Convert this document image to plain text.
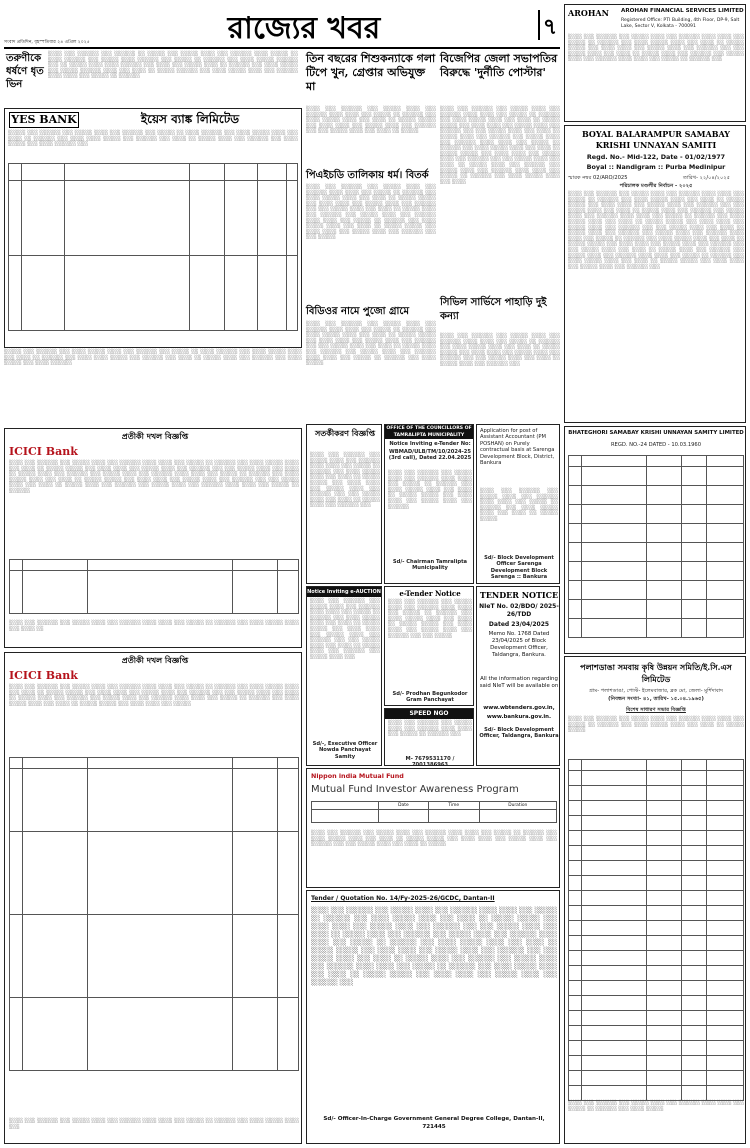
সংবাদ প্রতিদিন, বৃহস্পতিবার ২৪ এপ্রিল ২০২৫	রাজ্যের খবর	৭
তরুণীকে ধর্ষণে ধৃত ভিন
░░░░ ░░░ ░░░░░░ ░░░ ░░░░░░ ░░ ░░░░░ ░░░ ░░░░░ ░░░░ ░░░ ░░░░░░ ░░░░ ░░░░░ ░░ ░░░░ ░░░░░░ ░░░ ░░░░░ ░░░░ ░░░░░░ ░░░ ░░░░░ ░░ ░░░░░░ ░░░ ░░░░ ░░░░░ ░░░░░░ ░░░ ░░ ░░░░░ ░░░░ ░░░░ ░░░░░░ ░░░ ░░░░ ░░░ ░░░░░ ░░░░ ░░ ░░░░░░ ░░░ ░░░░ ░░░░░ ░░░ ░░░░░ ░░░░░░ ░░░░ ░░░ ░░░░ ░░ ░░░░░ ░░░░░░ ░░░ ░░░░ ░░░░░ ░░░░ ░░░ ░░░░░░ ░░░░ ░░░░ ░░░ ░░░░░ ░░ ░░░░░░
YES BANK	ইয়েস ব্যাঙ্ক লিমিটেড
░░░░░ ░░░ ░░░░░░ ░░░ ░░░░░ ░░░░ ░░░ ░░░░░░ ░░░ ░░░░░ ░░ ░░░░ ░░░░░░ ░░░ ░░░░ ░░░░░ ░░░░ ░░░ ░░░░ ░░ ░░░░░░ ░░░ ░░░░ ░░░░ ░░░░░ ░░░ ░░░░░░ ░░░ ░░░░ ░░ ░░░░░ ░░░░ ░░░ ░░░░░░ ░░░ ░░░░ ░░░░░ ░░░ ░░░░ ░░░░░░ ░░░

░░░░░ ░░░ ░░░░░░ ░░░ ░░░░ ░░░░░ ░░░░ ░░░ ░░░░░░ ░░░ ░░░░░ ░░ ░░░░ ░░░░░░ ░░░ ░░░░ ░░░░░ ░░░░ ░░░ ░░░░ ░░ ░░░░░░ ░░░ ░░░░ ░░░░ ░░░░░ ░░░ ░░░░░░ ░░░ ░░░░ ░░ ░░░░░ ░░░░ ░░░ ░░░░░░ ░░░ ░░░░ ░░░░░ ░░░ ░░░░ ░░░░░░
তিন বছরের শিশুকন্যাকে গলা টিপে খুন, গ্রেপ্তার অভিযুক্ত মা
░░░░ ░░░ ░░░░░░ ░░░ ░░░░░ ░░░░ ░░░ ░░░░░░ ░░░░ ░░░░ ░░░ ░░░░░ ░░ ░░░░░░ ░░░ ░░░░ ░░░░░ ░░░░ ░░░ ░░░░ ░░ ░░░░░ ░░░░░ ░░░ ░░░░ ░░░░ ░░░ ░░░░░ ░░░░ ░░░ ░░░░░░ ░░░ ░░░ ░░░░░ ░░░░ ░░░ ░░░░ ░░ ░░░░░
পিএইচডি তালিকায় ধর্ম। বিতর্ক
░░░░ ░░░ ░░░░░░ ░░░ ░░░░░ ░░░░ ░░░ ░░░░░░ ░░░░ ░░░░ ░░░ ░░░░░ ░░ ░░░░░░ ░░░ ░░░░ ░░░░░ ░░░░ ░░░ ░░░░ ░░ ░░░░░ ░░░░░ ░░░ ░░░░ ░░░░ ░░░ ░░░░░ ░░░░ ░░░ ░░░░░░ ░░░ ░░░ ░░░░░ ░░░░ ░░░ ░░░░ ░░ ░░░░░ ░░░░ ░░░ ░░░░░░ ░░░ ░░░░░ ░░░░ ░░░ ░░░░░░ ░░░░ ░░░░ ░░░ ░░░░░ ░░ ░░░░░░ ░░░ ░░░░ ░░░░░ ░░░░ ░░░ ░░░░ ░░ ░░░░░ ░░░░░ ░░░ ░░░░ ░░░░ ░░░ ░░░░░ ░░░░ ░░░ ░░░░░░ ░░░ ░░░ ░░░░░
বিডিওর নামে পুজো গ্রামে
░░░░ ░░░ ░░░░░░ ░░░ ░░░░░ ░░░░ ░░░ ░░░░░░ ░░░░ ░░░░ ░░░ ░░░░░ ░░ ░░░░░░ ░░░ ░░░░ ░░░░░ ░░░░ ░░░ ░░░░ ░░ ░░░░░ ░░░░░ ░░░ ░░░░ ░░░░ ░░░ ░░░░░ ░░░░ ░░░ ░░░░░░ ░░░ ░░░ ░░░░░ ░░░░ ░░░ ░░░░ ░░ ░░░░░ ░░░░ ░░░ ░░░░░░ ░░░ ░░░░░ ░░░░ ░░░ ░░░░░░ ░░░░ ░░░░ ░░░ ░░░░░ ░░ ░░░░░░ ░░░ ░░░░ ░░░░░
বিজেপির জেলা সভাপতির বিরুদ্ধে 'দুর্নীতি পোস্টার'
░░░░ ░░░ ░░░░░░ ░░░ ░░░░░ ░░░░ ░░░ ░░░░░░ ░░░░ ░░░░ ░░░ ░░░░░ ░░ ░░░░░░ ░░░ ░░░░ ░░░░░ ░░░░ ░░░ ░░░░ ░░ ░░░░░ ░░░░░ ░░░ ░░░░ ░░░░ ░░░ ░░░░░ ░░░░ ░░░ ░░░░░░ ░░░ ░░░ ░░░░░ ░░░░ ░░░ ░░░░ ░░ ░░░░░ ░░░░ ░░░ ░░░░░░ ░░░ ░░░░░ ░░░░ ░░░ ░░░░░░ ░░░░ ░░░░ ░░░ ░░░░░ ░░ ░░░░░░ ░░░ ░░░░ ░░░░░ ░░░░ ░░░ ░░░░ ░░ ░░░░░ ░░░░░ ░░░ ░░░░ ░░░░ ░░░ ░░░░░ ░░░░ ░░░ ░░░░░░ ░░░ ░░░ ░░░░░ ░░░░ ░░░ ░░░░ ░░ ░░░░░ ░░░░ ░░░ ░░░░░░ ░░░ ░░░░░ ░░░░ ░░░ ░░░░░░ ░░░░ ░░░░ ░░░ ░░░░░ ░░ ░░░░░░ ░░░ ░░░░ ░░░░░ ░░░░ ░░░ ░░░░
সিভিল সার্ভিসে পাহাড়ি দুই কন্যা
░░░░ ░░░ ░░░░░░ ░░░ ░░░░░ ░░░░ ░░░ ░░░░░░ ░░░░ ░░░░ ░░░ ░░░░░ ░░ ░░░░░░ ░░░ ░░░░ ░░░░░ ░░░░ ░░░ ░░░░ ░░ ░░░░░ ░░░░░ ░░░ ░░░░ ░░░░ ░░░ ░░░░░ ░░░░ ░░░ ░░░░░░ ░░░ ░░░ ░░░░░ ░░░░ ░░░ ░░░░ ░░ ░░░░░ ░░░░ ░░░ ░░░░░░ ░░░
AROHAN	AROHAN FINANCIAL SERVICES LIMITED
Registered Office: PTI Building, 4th Floor, DP-9, Salt Lake, Sector V, Kolkata - 700091
░░░░ ░░░ ░░░░░░ ░░░ ░░░░░ ░░░░ ░░░ ░░░░░░ ░░░░ ░░░░ ░░░ ░░░░░ ░░ ░░░░░░ ░░░ ░░░░ ░░░░░ ░░░░ ░░░ ░░░░ ░░ ░░░░░ ░░░░░ ░░░ ░░░░ ░░░░ ░░░ ░░░░░ ░░░░ ░░░ ░░░░░░ ░░░ ░░░ ░░░░░ ░░░░ ░░░ ░░░░ ░░ ░░░░░ ░░░░ ░░░ ░░░░░░ ░░░ ░░░░░ ░░░░ ░░░ ░░░░░░ ░░░░ ░░░░ ░░░ ░░░░░ ░░ ░░░░░░ ░░░
BOYAL BALARAMPUR SAMABAY KRISHI UNNAYAN SAMITI
Regd. No.- Mid-122, Date - 01/02/1977
Boyal :: Nandigram :: Purba Medinipur
স্মারক নম্বর 02/ARO/2025	তারিখ- ২২/০৪/২০২৫
পরিচালক মণ্ডলীর নির্বাচন - ২০২৫
░░░░ ░░░ ░░░░░░ ░░░ ░░░░░ ░░░░ ░░░ ░░░░░░ ░░░░ ░░░░ ░░░ ░░░░░ ░░ ░░░░░░ ░░░ ░░░░ ░░░░░ ░░░░ ░░░ ░░░░ ░░ ░░░░░ ░░░░░ ░░░ ░░░░ ░░░░ ░░░ ░░░░░ ░░░░ ░░░ ░░░░░░ ░░░ ░░░ ░░░░░ ░░░░ ░░░ ░░░░ ░░ ░░░░░ ░░░░ ░░░ ░░░░░░ ░░░ ░░░░░ ░░░░ ░░░ ░░░░░░ ░░░░ ░░░░ ░░░ ░░░░░ ░░ ░░░░░░ ░░░ ░░░░ ░░░░░ ░░░░ ░░░ ░░░░ ░░ ░░░░░ ░░░░░ ░░░ ░░░░ ░░░░ ░░░ ░░░░░ ░░░░ ░░░ ░░░░░░ ░░░ ░░░ ░░░░░ ░░░░ ░░░ ░░░░ ░░ ░░░░░ ░░░░ ░░░ ░░░░░░ ░░░ ░░░░░ ░░░░ ░░░ ░░░░░░ ░░░░ ░░░░ ░░░ ░░░░░ ░░ ░░░░░░ ░░░ ░░░░ ░░░░░ ░░░░ ░░░ ░░░░ ░░ ░░░░░ ░░░░░ ░░░ ░░░░ ░░░░ ░░░ ░░░░░ ░░░░ ░░░ ░░░░░░ ░░░ ░░░ ░░░░░ ░░░░ ░░░ ░░░░ ░░ ░░░░░ ░░░░ ░░░ ░░░░░░ ░░░ ░░░░░ ░░░░ ░░░ ░░░░░░ ░░░░ ░░░░ ░░░ ░░░░░ ░░ ░░░░░░ ░░░ ░░░░ ░░░░░ ░░░░ ░░░ ░░░░ ░░ ░░░░░ ░░░░░ ░░░ ░░░░ ░░░░ ░░░ ░░░░░ ░░░░ ░░░ ░░░░░░ ░░░
BHATEGHORI SAMABAY KRISHI UNNAYAN SAMITY LIMITED
REGD. NO.-24 DATED - 10.03.1960

প্রতীকী দখল বিজ্ঞপ্তি
ICICI Bank
░░░░ ░░░ ░░░░░░ ░░░ ░░░░░ ░░░░ ░░░ ░░░░░░ ░░░░ ░░░░ ░░░ ░░░░░ ░░ ░░░░░░ ░░░ ░░░░ ░░░░░ ░░░░ ░░░ ░░░░ ░░ ░░░░░ ░░░░░ ░░░ ░░░░ ░░░░ ░░░ ░░░░░ ░░░░ ░░░ ░░░░░░ ░░░ ░░░ ░░░░░ ░░░░ ░░░ ░░░░ ░░ ░░░░░ ░░░░ ░░░ ░░░░░░ ░░░ ░░░░░ ░░░░ ░░░ ░░░░░░ ░░░░ ░░░░ ░░░ ░░░░░ ░░ ░░░░░░ ░░░ ░░░░ ░░░░░ ░░░░ ░░░ ░░░░ ░░ ░░░░░ ░░░░░ ░░░ ░░░░ ░░░░ ░░░ ░░░░░ ░░░░ ░░░ ░░░░░░ ░░░ ░░░ ░░░░░ ░░░░ ░░░ ░░░░ ░░ ░░░░░ ░░░░ ░░░ ░░░░░░ ░░░ ░░░░░ ░░░░ ░░░ ░░░░░░ ░░░░ ░░░░ ░░░ ░░░░░ ░░ ░░░░░░

░░░░ ░░░ ░░░░░░ ░░░ ░░░░░ ░░░░ ░░░ ░░░░░░ ░░░░ ░░░░ ░░░ ░░░░░ ░░ ░░░░░░ ░░░ ░░░░ ░░░░░ ░░░░ ░░░ ░░░░ ░░
প্রতীকী দখল বিজ্ঞপ্তি
ICICI Bank
░░░░ ░░░ ░░░░░░ ░░░ ░░░░░ ░░░░ ░░░ ░░░░░░ ░░░░ ░░░░ ░░░ ░░░░░ ░░ ░░░░░░ ░░░ ░░░░ ░░░░░ ░░░░ ░░░ ░░░░ ░░ ░░░░░ ░░░░░ ░░░ ░░░░ ░░░░ ░░░ ░░░░░ ░░░░ ░░░ ░░░░░░ ░░░ ░░░ ░░░░░ ░░░░ ░░░ ░░░░ ░░ ░░░░░ ░░░░ ░░░ ░░░░░░ ░░░ ░░░░░ ░░░░ ░░░ ░░░░░░ ░░░░ ░░░░ ░░░ ░░░░░ ░░ ░░░░░░ ░░░ ░░░░ ░░░░░ ░░░░ ░░░ ░░░░ ░░ ░░░░░ ░░░░░ ░░░ ░░░░ ░░░░ ░░░ ░░░░░

░░░░ ░░░ ░░░░░░ ░░░ ░░░░░ ░░░░ ░░░ ░░░░░░ ░░░░ ░░░░ ░░░ ░░░░░ ░░ ░░░░░░ ░░░ ░░░░ ░░░░░ ░░░░ ░░░
সতর্কীকরণ বিজ্ঞপ্তি
░░░░ ░░░ ░░░░░░ ░░░ ░░░░░ ░░░░ ░░░ ░░░░░░ ░░░░ ░░░░ ░░░ ░░░░░ ░░ ░░░░░░ ░░░ ░░░░ ░░░░░ ░░░░ ░░░ ░░░░ ░░ ░░░░░ ░░░░░ ░░░ ░░░░ ░░░░ ░░░ ░░░░░ ░░░░ ░░░ ░░░░░░ ░░░ ░░░ ░░░░░ ░░░░ ░░░ ░░░░ ░░ ░░░░░ ░░░░ ░░░ ░░░░░░ ░░░
OFFICE OF THE COUNCILLORS OF TAMRALIPTA MUNICIPALITY
Notice Inviting e-Tender No:
WBMAD/ULB/TM/10/2024-25 (3rd call), Dated 22.04.2025
░░░░ ░░░ ░░░░░░ ░░░ ░░░░░ ░░░░ ░░░ ░░░░░░ ░░░░ ░░░░ ░░░ ░░░░░ ░░ ░░░░░░ ░░░ ░░░░ ░░░░░ ░░░░ ░░░ ░░░░ ░░ ░░░░░ ░░░░░ ░░░ ░░░░ ░░░░ ░░░ ░░░░░ ░░░░ ░░░ ░░░░░░
Sd/- Chairman Tamralipta Municipality
Application for post of Assistant Accountant (PM POSHAN) on Purely contractual basis at Sarenga Development Block, District, Bankura
░░░░ ░░░ ░░░░░░ ░░░ ░░░░░ ░░░░ ░░░ ░░░░░░ ░░░░ ░░░░ ░░░ ░░░░░ ░░ ░░░░░░ ░░░ ░░░░ ░░░░░ ░░░░ ░░░ ░░░░ ░░ ░░░░░ ░░░░░
Sd/- Block Development Officer Sarenga Development Block Sarenga :: Bankura
e-Tender Notice
░░░░ ░░░ ░░░░░░ ░░░ ░░░░░ ░░░░ ░░░ ░░░░░░ ░░░░ ░░░░ ░░░ ░░░░░ ░░ ░░░░░░ ░░░ ░░░░ ░░░░░ ░░░░ ░░░ ░░░░ ░░ ░░░░░ ░░░░░ ░░░ ░░░░ ░░░░ ░░░ ░░░░░ ░░░░ ░░░ ░░░░░░ ░░░ ░░░ ░░░░░
Sd/- Prodhan Begunkodor Gram Panchayat
Notice Inviting e-AUCTION
░░░░ ░░░ ░░░░░░ ░░░ ░░░░░ ░░░░ ░░░ ░░░░░░ ░░░░ ░░░░ ░░░ ░░░░░ ░░ ░░░░░░ ░░░ ░░░░ ░░░░░ ░░░░ ░░░ ░░░░ ░░ ░░░░░ ░░░░░ ░░░ ░░░░ ░░░░ ░░░ ░░░░░ ░░░░ ░░░ ░░░░░░ ░░░ ░░░ ░░░░░ ░░░░ ░░░ ░░░░ ░░ ░░░░░ ░░░░ ░░░ ░░░░░░ ░░░ ░░░░░ ░░░░ ░░░
Sd/-, Executive Officer Nowda Panchayat Samity
SPEED NGO
░░░░ ░░░ ░░░░░░ ░░░ ░░░░░ ░░░░ ░░░ ░░░░░░ ░░░░ ░░░░ ░░░ ░░░░░ ░░ ░░░░░░ ░░░
M- 7679531170 / 7001386963
TENDER NOTICE
NIeT No. 02/BDO/ 2025-26/TDD
Dated 23/04/2025
Memo No. 1768 Dated 23/04/2025 of Block Development Officer, Taldangra, Bankura.
All the information regarding said NIeT will be available on
www.wbtenders.gov.in,
www.bankura.gov.in.
Sd/- Block Development Officer, Taldangra, Bankura
Nippon india Mutual Fund
Mutual Fund Investor Awareness Program
	Date	Time	Duration

░░░░ ░░░ ░░░░░░ ░░░ ░░░░░ ░░░░ ░░░ ░░░░░░ ░░░░ ░░░░ ░░░ ░░░░░ ░░ ░░░░░░ ░░░ ░░░░ ░░░░░ ░░░░ ░░░ ░░░░ ░░ ░░░░░ ░░░░░ ░░░ ░░░░ ░░░░ ░░░ ░░░░░ ░░░░ ░░░ ░░░░░░ ░░░ ░░░ ░░░░░ ░░░░ ░░░ ░░░░ ░░ ░░░░░
Tender / Quotation No. 14/Fy-2025-26/GCDC, Dantan-II
░░░░ ░░░ ░░░░░░ ░░░ ░░░░░ ░░░░ ░░░ ░░░░░░ ░░░░ ░░░░ ░░░ ░░░░░ ░░ ░░░░░░ ░░░ ░░░░ ░░░░░ ░░░░ ░░░ ░░░░ ░░ ░░░░░ ░░░░░ ░░░ ░░░░ ░░░░ ░░░ ░░░░░ ░░░░ ░░░ ░░░░░░ ░░░ ░░░ ░░░░░ ░░░░ ░░░ ░░░░ ░░ ░░░░░ ░░░░ ░░░ ░░░░░░ ░░░ ░░░░░ ░░░░ ░░░ ░░░░░░ ░░░░ ░░░░ ░░░ ░░░░░ ░░ ░░░░░░ ░░░ ░░░░ ░░░░░ ░░░░ ░░░ ░░░░ ░░ ░░░░░ ░░░░░ ░░░ ░░░░ ░░░░ ░░░ ░░░░░ ░░░░ ░░░ ░░░░░░ ░░░ ░░░ ░░░░░ ░░░░ ░░░ ░░░░ ░░ ░░░░░ ░░░░ ░░░ ░░░░░░ ░░░ ░░░░░ ░░░░ ░░░ ░░░░░░ ░░░░ ░░░░ ░░░ ░░░░░ ░░ ░░░░░░ ░░░ ░░░░ ░░░░░ ░░░░ ░░░ ░░░░ ░░ ░░░░░ ░░░░░ ░░░ ░░░░ ░░░░ ░░░ ░░░░░ ░░░░ ░░░ ░░░░░░ ░░░
Sd/- Officer-In-Charge Government General Degree College, Dantan-II, 721445
পলাশডাঙা সমবায় কৃষি উন্নয়ন সমিতি/ই.সি.এস লিমিটেড
গ্রাম- পলাশডাঙা, পোস্ট- ইলেমবাজার, ব্লক মো, জেলা- মুর্শিদাবাদ
(নিবন্ধন সংখ্যা- ৪১, তারিখ- ১৫.০৪.১৯৬৫)
বিশেষ সাধারণ সভার বিজ্ঞপ্তি
░░░░ ░░░ ░░░░░░ ░░░ ░░░░░ ░░░░ ░░░ ░░░░░░ ░░░░ ░░░░ ░░░ ░░░░░ ░░ ░░░░░░ ░░░ ░░░░ ░░░░░ ░░░░ ░░░ ░░░░ ░░ ░░░░░ ░░░░░

░░░░ ░░░ ░░░░░░ ░░░ ░░░░░ ░░░░ ░░░ ░░░░░░ ░░░░ ░░░░ ░░░ ░░░░░ ░░ ░░░░░░ ░░░ ░░░░ ░░░░░
